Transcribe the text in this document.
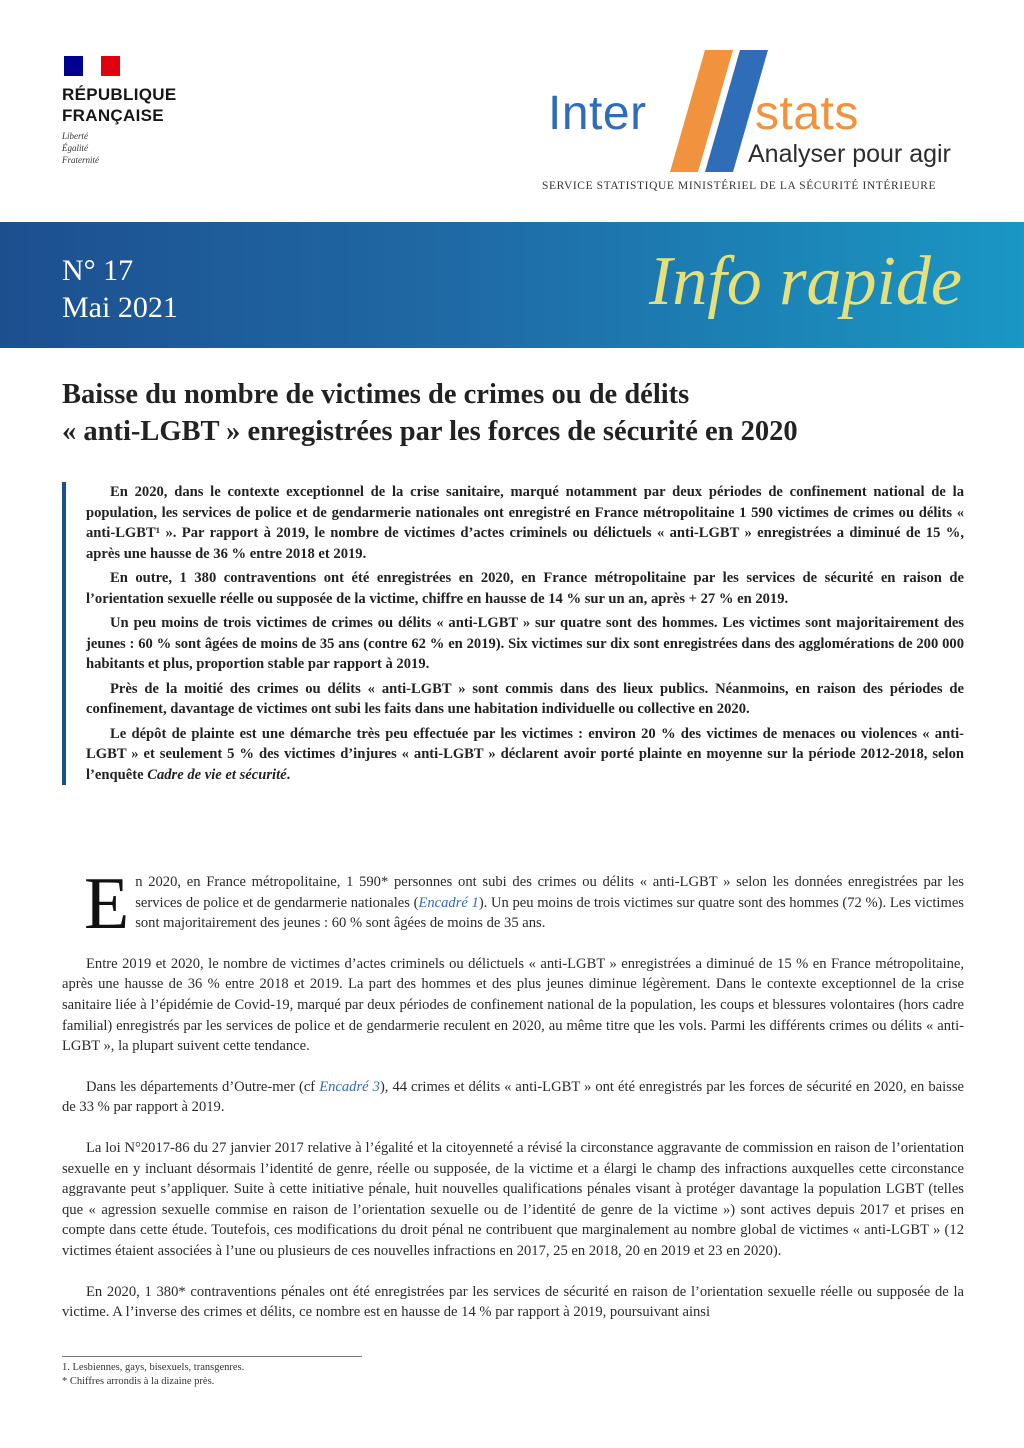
RÉPUBLIQUE
FRANÇAISE
Liberté
Égalité
Fraternité
Inter stats
Analyser pour agir
SERVICE STATISTIQUE MINISTÉRIEL DE LA SÉCURITÉ INTÉRIEURE
N° 17
Mai 2021	Info rapide
Baisse du nombre de victimes de crimes ou de délits
« anti-LGBT » enregistrées par les forces de sécurité en 2020

En 2020, dans le contexte exceptionnel de la crise sanitaire, marqué notamment par deux périodes de confinement national de la population, les services de police et de gendarmerie nationales ont enregistré en France métropolitaine 1 590 victimes de crimes ou délits « anti-LGBT¹ ». Par rapport à 2019, le nombre de victimes d’actes criminels ou délictuels « anti-LGBT » enregistrées a diminué de 15 %, après une hausse de 36 % entre 2018 et 2019.

En outre, 1 380 contraventions ont été enregistrées en 2020, en France métropolitaine par les services de sécurité en raison de l’orientation sexuelle réelle ou supposée de la victime, chiffre en hausse de 14 % sur un an, après + 27 % en 2019.

Un peu moins de trois victimes de crimes ou délits « anti-LGBT » sur quatre sont des hommes. Les victimes sont majoritairement des jeunes : 60 % sont âgées de moins de 35 ans (contre 62 % en 2019). Six victimes sur dix sont enregistrées dans des agglomérations de 200 000 habitants et plus, proportion stable par rapport à 2019.

Près de la moitié des crimes ou délits « anti-LGBT » sont commis dans des lieux publics. Néanmoins, en raison des périodes de confinement, davantage de victimes ont subi les faits dans une habitation individuelle ou collective en 2020.

Le dépôt de plainte est une démarche très peu effectuée par les victimes : environ 20 % des victimes de menaces ou violences « anti-LGBT » et seulement 5 % des victimes d’injures « anti-LGBT » déclarent avoir porté plainte en moyenne sur la période 2012-2018, selon l’enquête Cadre de vie et sécurité.

En 2020, en France métropolitaine, 1 590* personnes ont subi des crimes ou délits « anti-LGBT » selon les données enregistrées par les services de police et de gendarmerie nationales (Encadré 1). Un peu moins de trois victimes sur quatre sont des hommes (72 %). Les victimes sont majoritairement des jeunes : 60 % sont âgées de moins de 35 ans.

Entre 2019 et 2020, le nombre de victimes d’actes criminels ou délictuels « anti-LGBT » enregistrées a diminué de 15 % en France métropolitaine, après une hausse de 36 % entre 2018 et 2019. La part des hommes et des plus jeunes diminue légèrement. Dans le contexte exceptionnel de la crise sanitaire liée à l’épidémie de Covid-19, marqué par deux périodes de confinement national de la population, les coups et blessures volontaires (hors cadre familial) enregistrés par les services de police et de gendarmerie reculent en 2020, au même titre que les vols. Parmi les différents crimes ou délits « anti-LGBT », la plupart suivent cette tendance.

Dans les départements d’Outre-mer (cf Encadré 3), 44 crimes et délits « anti-LGBT » ont été enregistrés par les forces de sécurité en 2020, en baisse de 33 % par rapport à 2019.

La loi N°2017-86 du 27 janvier 2017 relative à l’égalité et la citoyenneté a révisé la circonstance aggravante de commission en raison de l’orientation sexuelle en y incluant désormais l’identité de genre, réelle ou supposée, de la victime et a élargi le champ des infractions auxquelles cette circonstance aggravante peut s’appliquer. Suite à cette initiative pénale, huit nouvelles qualifications pénales visant à protéger davantage la population LGBT (telles que « agression sexuelle commise en raison de l’orientation sexuelle ou de l’identité de genre de la victime ») sont actives depuis 2017 et prises en compte dans cette étude. Toutefois, ces modifications du droit pénal ne contribuent que marginalement au nombre global de victimes « anti-LGBT » (12 victimes étaient associées à l’une ou plusieurs de ces nouvelles infractions en 2017, 25 en 2018, 20 en 2019 et 23 en 2020).

En 2020, 1 380* contraventions pénales ont été enregistrées par les services de sécurité en raison de l’orientation sexuelle réelle ou supposée de la victime. A l’inverse des crimes et délits, ce nombre est en hausse de 14 % par rapport à 2019, poursuivant ainsi

1. Lesbiennes, gays, bisexuels, transgenres.
* Chiffres arrondis à la dizaine près.
